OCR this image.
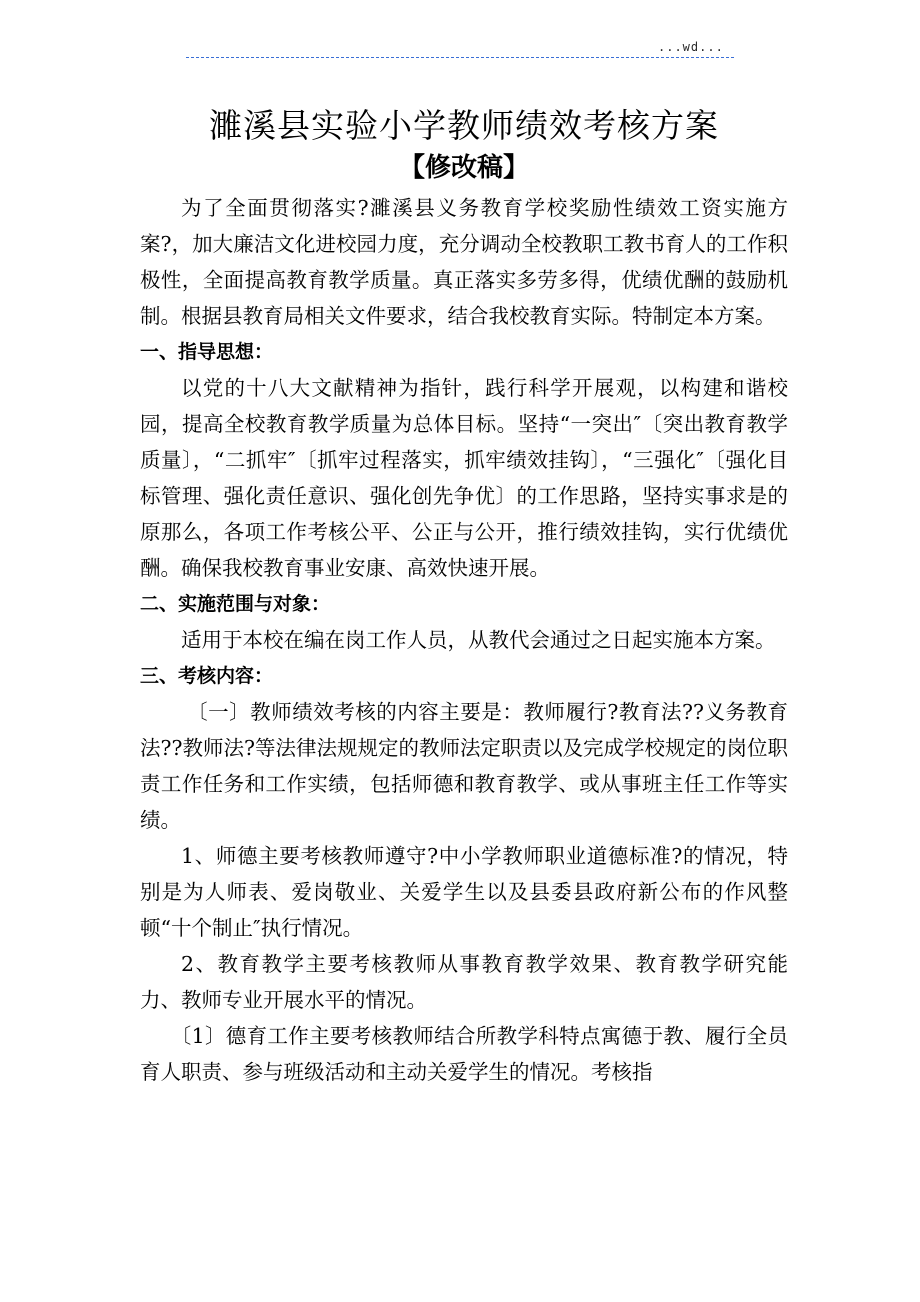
...wd...
濉溪县实验小学教师绩效考核方案
【修改稿】

为了全面贯彻落实?濉溪县义务教育学校奖励性绩效工资实施方案?，加大廉洁文化进校园力度，充分调动全校教职工教书育人的工作积极性，全面提高教育教学质量。真正落实多劳多得，优绩优酬的鼓励机制。根据县教育局相关文件要求，结合我校教育实际。特制定本方案。

一、指导思想：

以党的十八大文献精神为指针，践行科学开展观，以构建和谐校园，提高全校教育教学质量为总体目标。坚持“一突出″〔突出教育教学质量〕，“二抓牢″〔抓牢过程落实，抓牢绩效挂钩〕，“三强化″〔强化目标管理、强化责任意识、强化创先争优〕的工作思路，坚持实事求是的原那么，各项工作考核公平、公正与公开，推行绩效挂钩，实行优绩优酬。确保我校教育事业安康、高效快速开展。

二、实施范围与对象：

适用于本校在编在岗工作人员，从教代会通过之日起实施本方案。

三、考核内容：

〔一〕教师绩效考核的内容主要是：教师履行?教育法??义务教育法??教师法?等法律法规规定的教师法定职责以及完成学校规定的岗位职责工作任务和工作实绩，包括师德和教育教学、或从事班主任工作等实绩。

1、师德主要考核教师遵守?中小学教师职业道德标准?的情况，特别是为人师表、爱岗敬业、关爱学生以及县委县政府新公布的作风整顿“十个制止″执行情况。

2、教育教学主要考核教师从事教育教学效果、教育教学研究能力、教师专业开展水平的情况。

〔1〕德育工作主要考核教师结合所教学科特点寓德于教、履行全员育人职责、参与班级活动和主动关爱学生的情况。考核指
